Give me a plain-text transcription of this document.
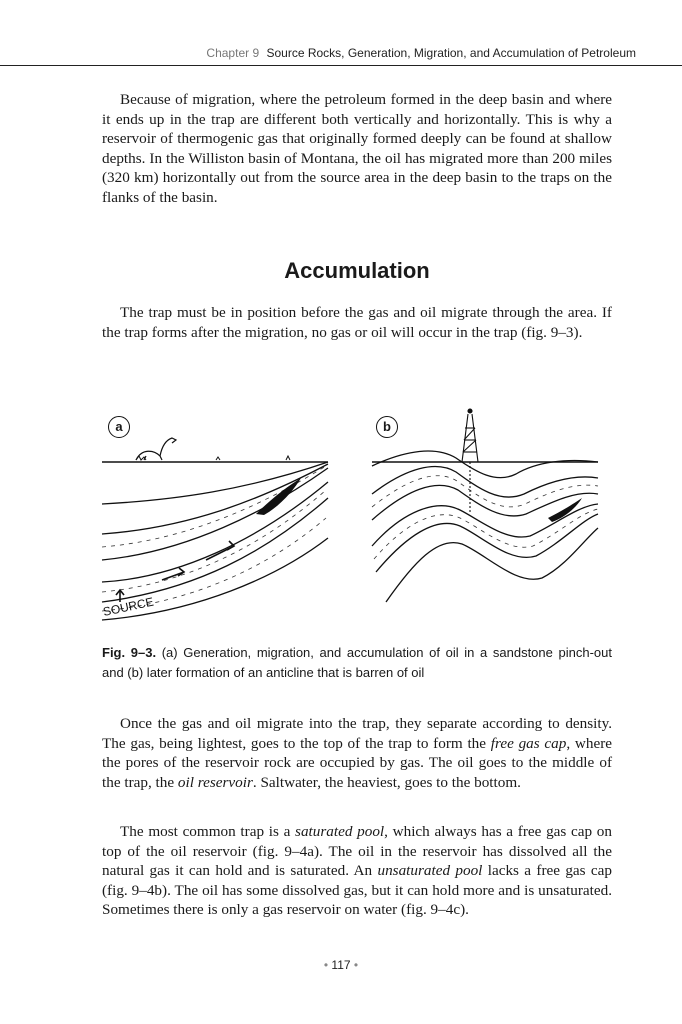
Chapter 9 Source Rocks, Generation, Migration, and Accumulation of Petroleum

Because of migration, where the petroleum formed in the deep basin and where it ends up in the trap are different both vertically and horizontally. This is why a reservoir of thermogenic gas that originally formed deeply can be found at shallow depths. In the Williston basin of Montana, the oil has migrated more than 200 miles (320 km) horizontally out from the source area in the deep basin to the traps on the flanks of the basin.

Accumulation

The trap must be in position before the gas and oil migrate through the area. If the trap forms after the migration, no gas or oil will occur in the trap (fig. 9–3).

a	b
SOURCE

Fig. 9–3. (a) Generation, migration, and accumulation of oil in a sandstone pinch-out and (b) later formation of an anticline that is barren of oil

Once the gas and oil migrate into the trap, they separate according to density. The gas, being lightest, goes to the top of the trap to form the free gas cap, where the pores of the reservoir rock are occupied by gas. The oil goes to the middle of the trap, the oil reservoir. Saltwater, the heaviest, goes to the bottom.

The most common trap is a saturated pool, which always has a free gas cap on top of the oil reservoir (fig. 9–4a). The oil in the reservoir has dissolved all the natural gas it can hold and is saturated. An unsaturated pool lacks a free gas cap (fig. 9–4b). The oil has some dissolved gas, but it can hold more and is unsaturated. Sometimes there is only a gas reservoir on water (fig. 9–4c).

• 117 •
